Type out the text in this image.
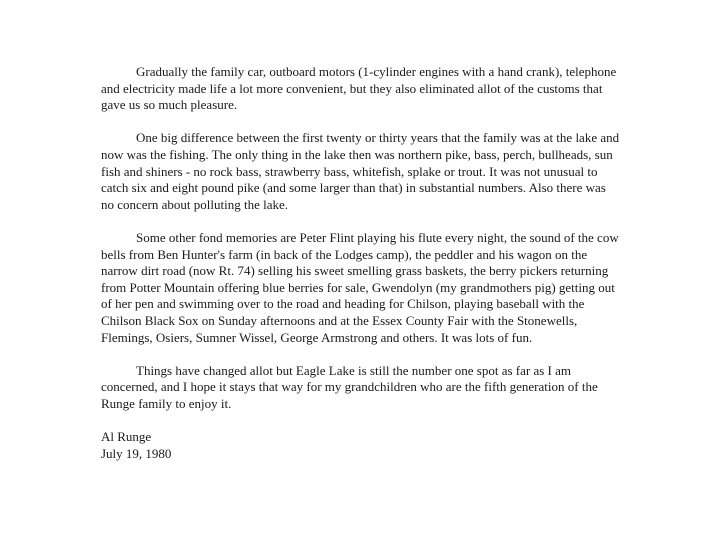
Gradually the family car, outboard motors (1-cylinder engines with a hand crank), telephone and electricity made life a lot more convenient, but they also eliminated allot of the customs that gave us so much pleasure.

One big difference between the first twenty or thirty years that the family was at the lake and now was the fishing. The only thing in the lake then was northern pike, bass, perch, bullheads, sun fish and shiners - no rock bass, strawberry bass, whitefish, splake or trout. It was not unusual to catch six and eight pound pike (and some larger than that) in substantial numbers. Also there was no concern about polluting the lake.

Some other fond memories are Peter Flint playing his flute every night, the sound of the cow bells from Ben Hunter's farm (in back of the Lodges camp), the peddler and his wagon on the narrow dirt road (now Rt. 74) selling his sweet smelling grass baskets, the berry pickers returning from Potter Mountain offering blue berries for sale, Gwendolyn (my grandmothers pig) getting out of her pen and swimming over to the road and heading for Chilson, playing baseball with the Chilson Black Sox on Sunday afternoons and at the Essex County Fair with the Stonewells, Flemings, Osiers, Sumner Wissel, George Armstrong and others. It was lots of fun.

Things have changed allot but Eagle Lake is still the number one spot as far as I am concerned, and I hope it stays that way for my grandchildren who are the fifth generation of the Runge family to enjoy it.

Al Runge
July 19, 1980
